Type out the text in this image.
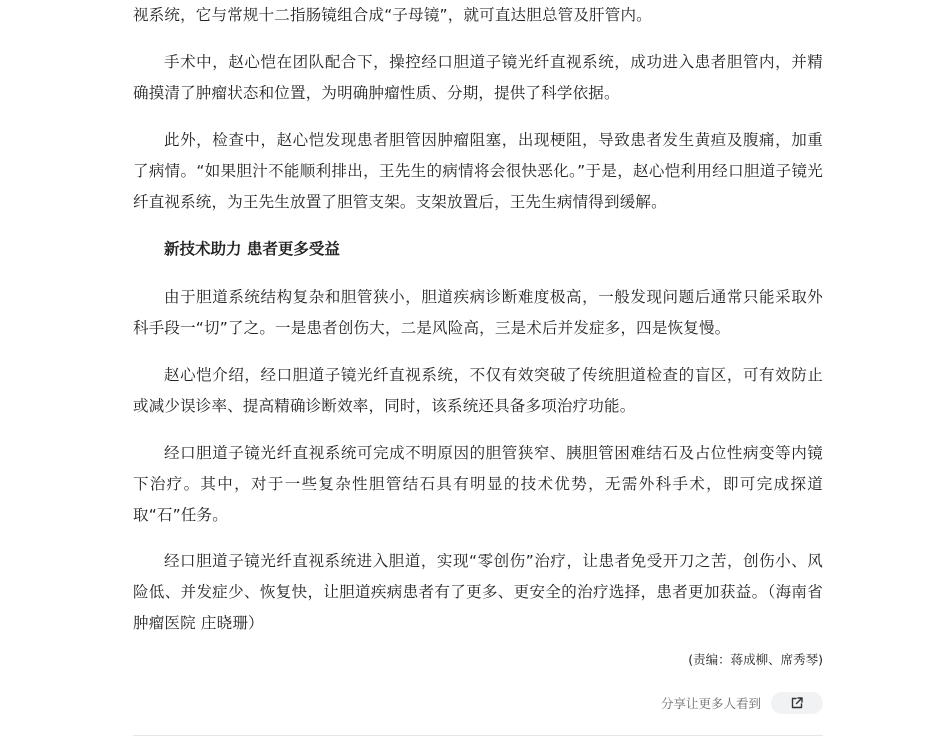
视系统，它与常规十二指肠镜组合成“子母镜”，就可直达胆总管及肝管内。

手术中，赵心恺在团队配合下，操控经口胆道子镜光纤直视系统，成功进入患者胆管内，并精确摸清了肿瘤状态和位置，为明确肿瘤性质、分期，提供了科学依据。

此外，检查中，赵心恺发现患者胆管因肿瘤阻塞，出现梗阻，导致患者发生黄疸及腹痛，加重了病情。“如果胆汁不能顺利排出，王先生的病情将会很快恶化。”于是，赵心恺利用经口胆道子镜光纤直视系统，为王先生放置了胆管支架。支架放置后，王先生病情得到缓解。

新技术助力 患者更多受益

由于胆道系统结构复杂和胆管狭小，胆道疾病诊断难度极高，一般发现问题后通常只能采取外科手段一“切”了之。一是患者创伤大，二是风险高，三是术后并发症多，四是恢复慢。

赵心恺介绍，经口胆道子镜光纤直视系统，不仅有效突破了传统胆道检查的盲区，可有效防止或减少误诊率、提高精确诊断效率，同时，该系统还具备多项治疗功能。

经口胆道子镜光纤直视系统可完成不明原因的胆管狭窄、胰胆管困难结石及占位性病变等内镜下治疗。其中，对于一些复杂性胆管结石具有明显的技术优势，无需外科手术，即可完成探道取“石”任务。

经口胆道子镜光纤直视系统进入胆道，实现“零创伤”治疗，让患者免受开刀之苦，创伤小、风险低、并发症少、恢复快，让胆道疾病患者有了更多、更安全的治疗选择，患者更加获益。（海南省肿瘤医院 庄晓珊）

(责编：蒋成柳、席秀琴)
分享让更多人看到
